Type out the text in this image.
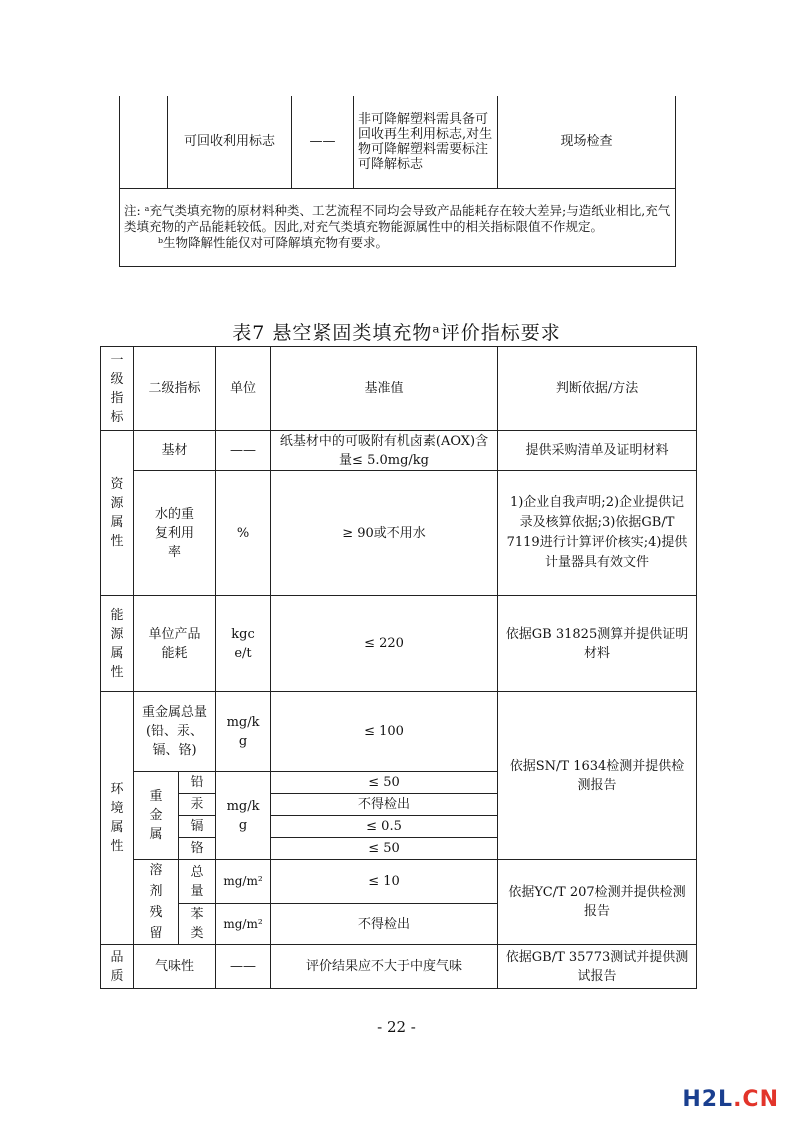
	可回收利用标志	——	非可降解塑料需具备可回收再生利用标志,对生物可降解塑料需要标注可降解标志	现场检查

注: ᵃ充气类填充物的原材料种类、工艺流程不同均会导致产品能耗存在较大差异;与造纸业相比,充气类填充物的产品能耗较低。因此,对充气类填充物能源属性中的相关指标限值不作规定。
ᵇ生物降解性能仅对可降解填充物有要求。
表7 悬空紧固类填充物ᵃ评价指标要求
一级指标	二级指标		单位	基准值	判断依据/方法

资源属性	基材		——	纸基材中的可吸附有机卤素(AOX)含量≤ 5.0mg/kg	提供采购清单及证明材料
	水的重复利用率		%	≥ 90或不用水	1)企业自我声明;2)企业提供记录及核算依据;3)依据GB/T 7119进行计算评价核实;4)提供计量器具有效文件

能源属性	单位产品能耗		kgce/t	≤ 220	依据GB 31825测算并提供证明材料

环境属性	重金属总量(铅、汞、镉、铬)		mg/kg	≤ 100	依据SN/T 1634检测并提供检测报告

	重金属	铅	mg/kg	≤ 50	
		汞		不得检出	
		镉		≤ 0.5	
		铬		≤ 50	

	溶剂残留	总量	mg/m²	≤ 10	依据YC/T 207检测并提供检测报告

		苯类	mg/m²	不得检出	

品质	气味性		——	评价结果应不大于中度气味	依据GB/T 35773测试并提供测试报告
- 22 -
H2L.CN
